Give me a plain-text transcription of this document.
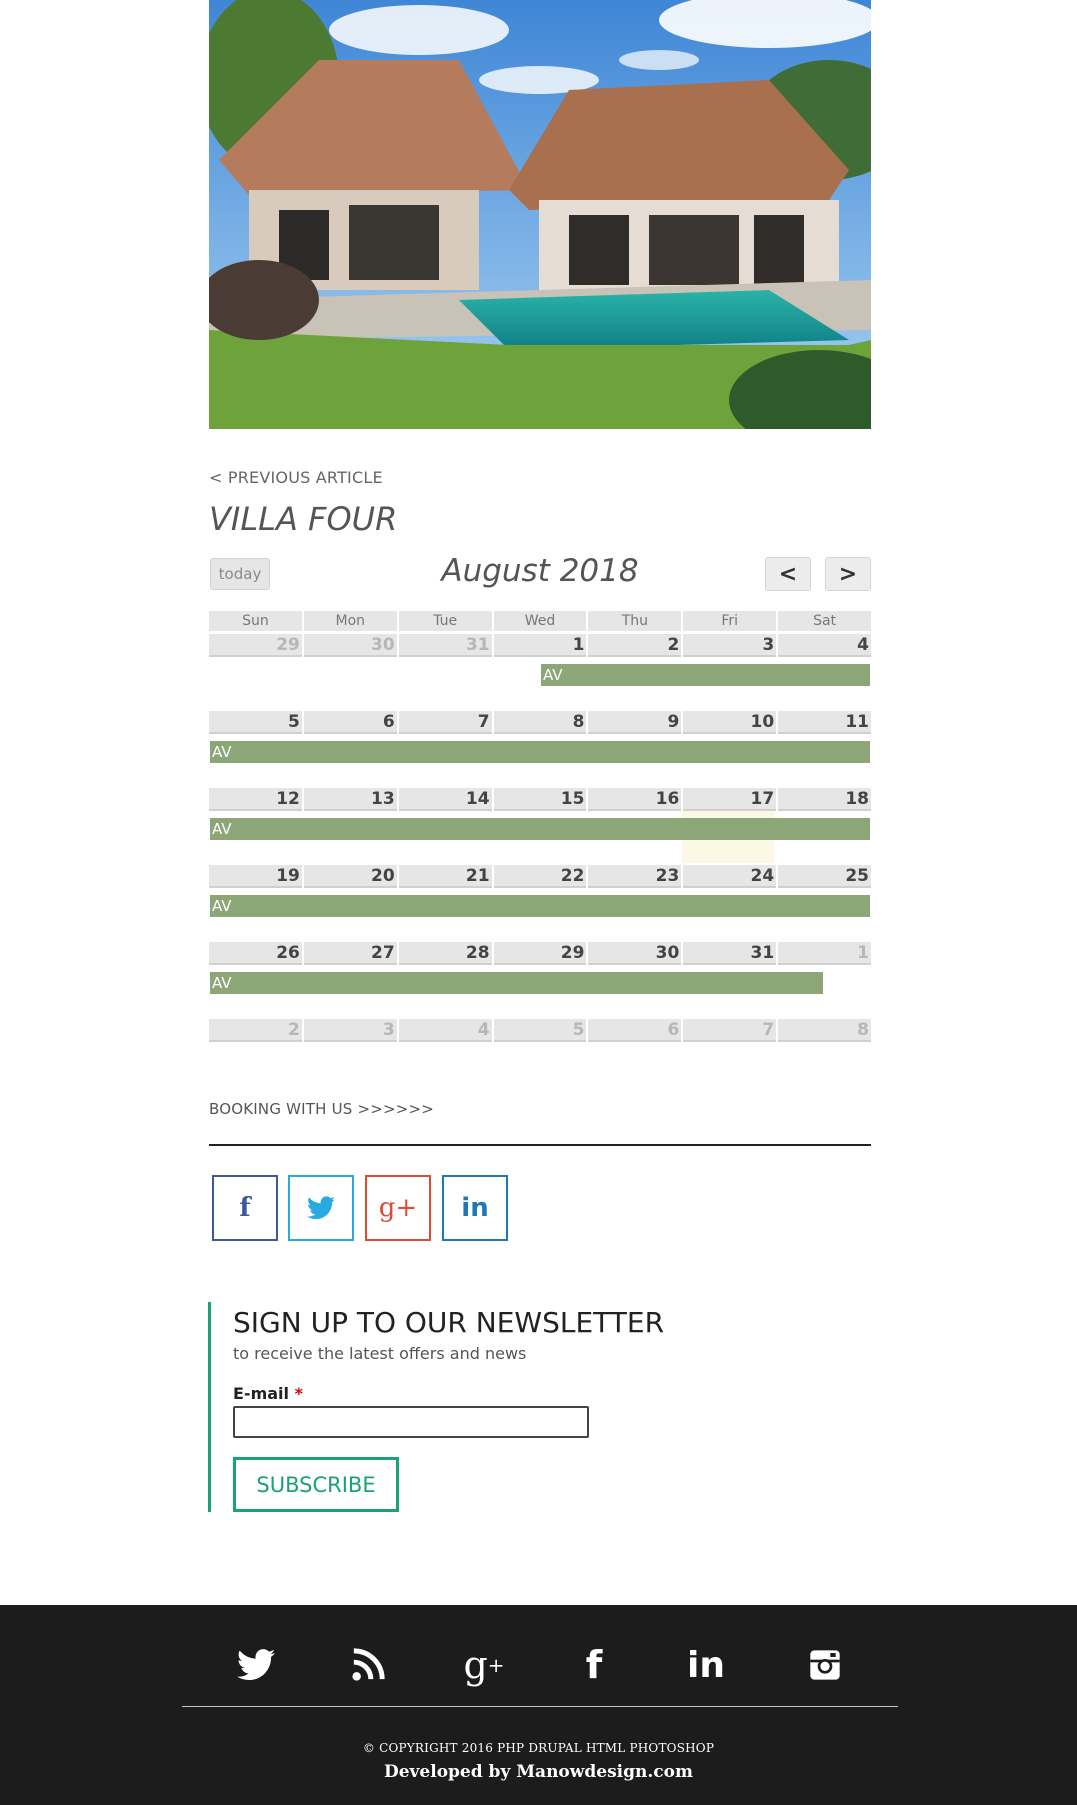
< PREVIOUS ARTICLE
VILLA FOUR
August 2018
today	<	>
Sun	Mon	Tue	Wed	Thu	Fri	Sat
29	30	31	1	2	3	4
AV
5	6	7	8	9	10	11
AV
12	13	14	15	16	17	18
AV
19	20	21	22	23	24	25
AV
26	27	28	29	30	31	1
AV
2	3	4	5	6	7	8
BOOKING WITH US >>>>>>
f	g+ in
SIGN UP TO OUR NEWSLETTER
to receive the latest offers and news
E-mail *
SUBSCRIBE
g +	f	in
© COPYRIGHT 2016 PHP DRUPAL HTML PHOTOSHOP
Developed by Manowdesign.com
